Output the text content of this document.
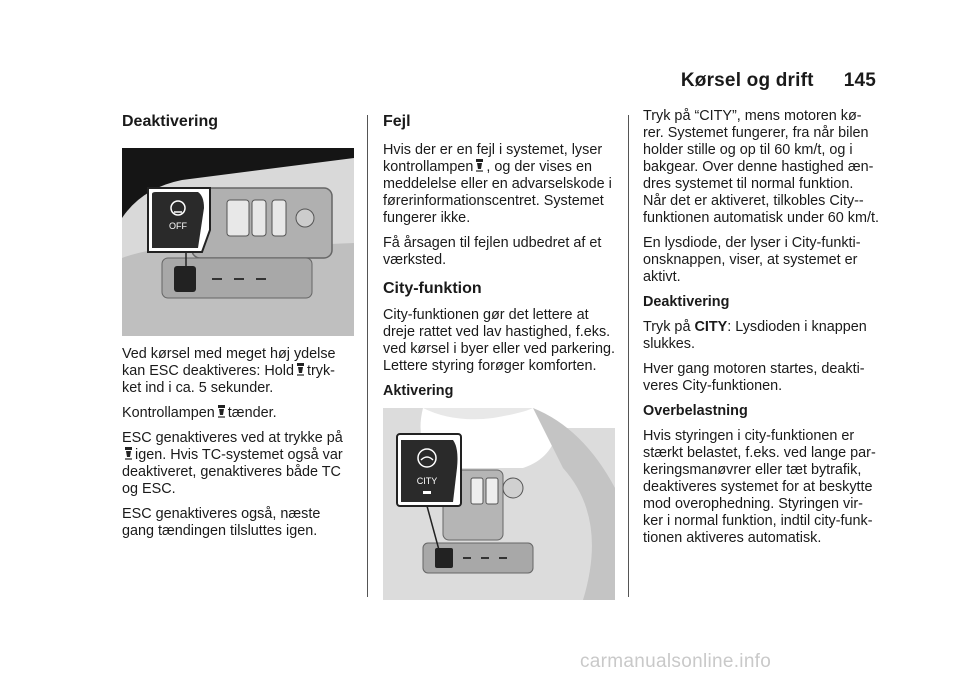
Kørsel og drift 145
Deaktivering
OFF

Ved kørsel med meget høj ydelse kan ESC deaktiveres: Hold tryk-ket ind i ca. 5 sekunder.

Kontrollampen tænder.

ESC genaktiveres ved at trykke påigen. Hvis TC-systemet også var deaktiveret, genaktiveres både TC og ESC.

ESC genaktiveres også, næste gang tændingen tilsluttes igen.

Fejl

Hvis der er en fejl i systemet, lyser kontrollampen , og der vises en meddelelse eller en advarselskode i førerinformationscentret. Systemet fungerer ikke.

Få årsagen til fejlen udbedret af et værksted.

City-funktion

City-funktionen gør det lettere at dreje rattet ved lav hastighed, f.eks. ved kørsel i byer eller ved parkering. Lettere styring forøger komforten.

Aktivering
CITY

Tryk på “CITY”, mens motoren kø-rer. Systemet fungerer, fra når bilen holder stille og op til 60 km/t, og i bakgear. Over denne hastighed æn-dres systemet til normal funktion. Når det er aktiveret, tilkobles City-- funktionen automatisk under 60 km/t.

En lysdiode, der lyser i City-funkti-onsknappen, viser, at systemet er aktivt.

Deaktivering

Tryk på CITY: Lysdioden i knappen slukkes.

Hver gang motoren startes, deakti-veres City-funktionen.

Overbelastning

Hvis styringen i city-funktionen er stærkt belastet, f.eks. ved lange par-keringsmanøvrer eller tæt bytrafik, deaktiveres systemet for at beskytte mod overophedning. Styringen vir-ker i normal funktion, indtil city-funk-tionen aktiveres automatisk.

carmanualsonline.info
